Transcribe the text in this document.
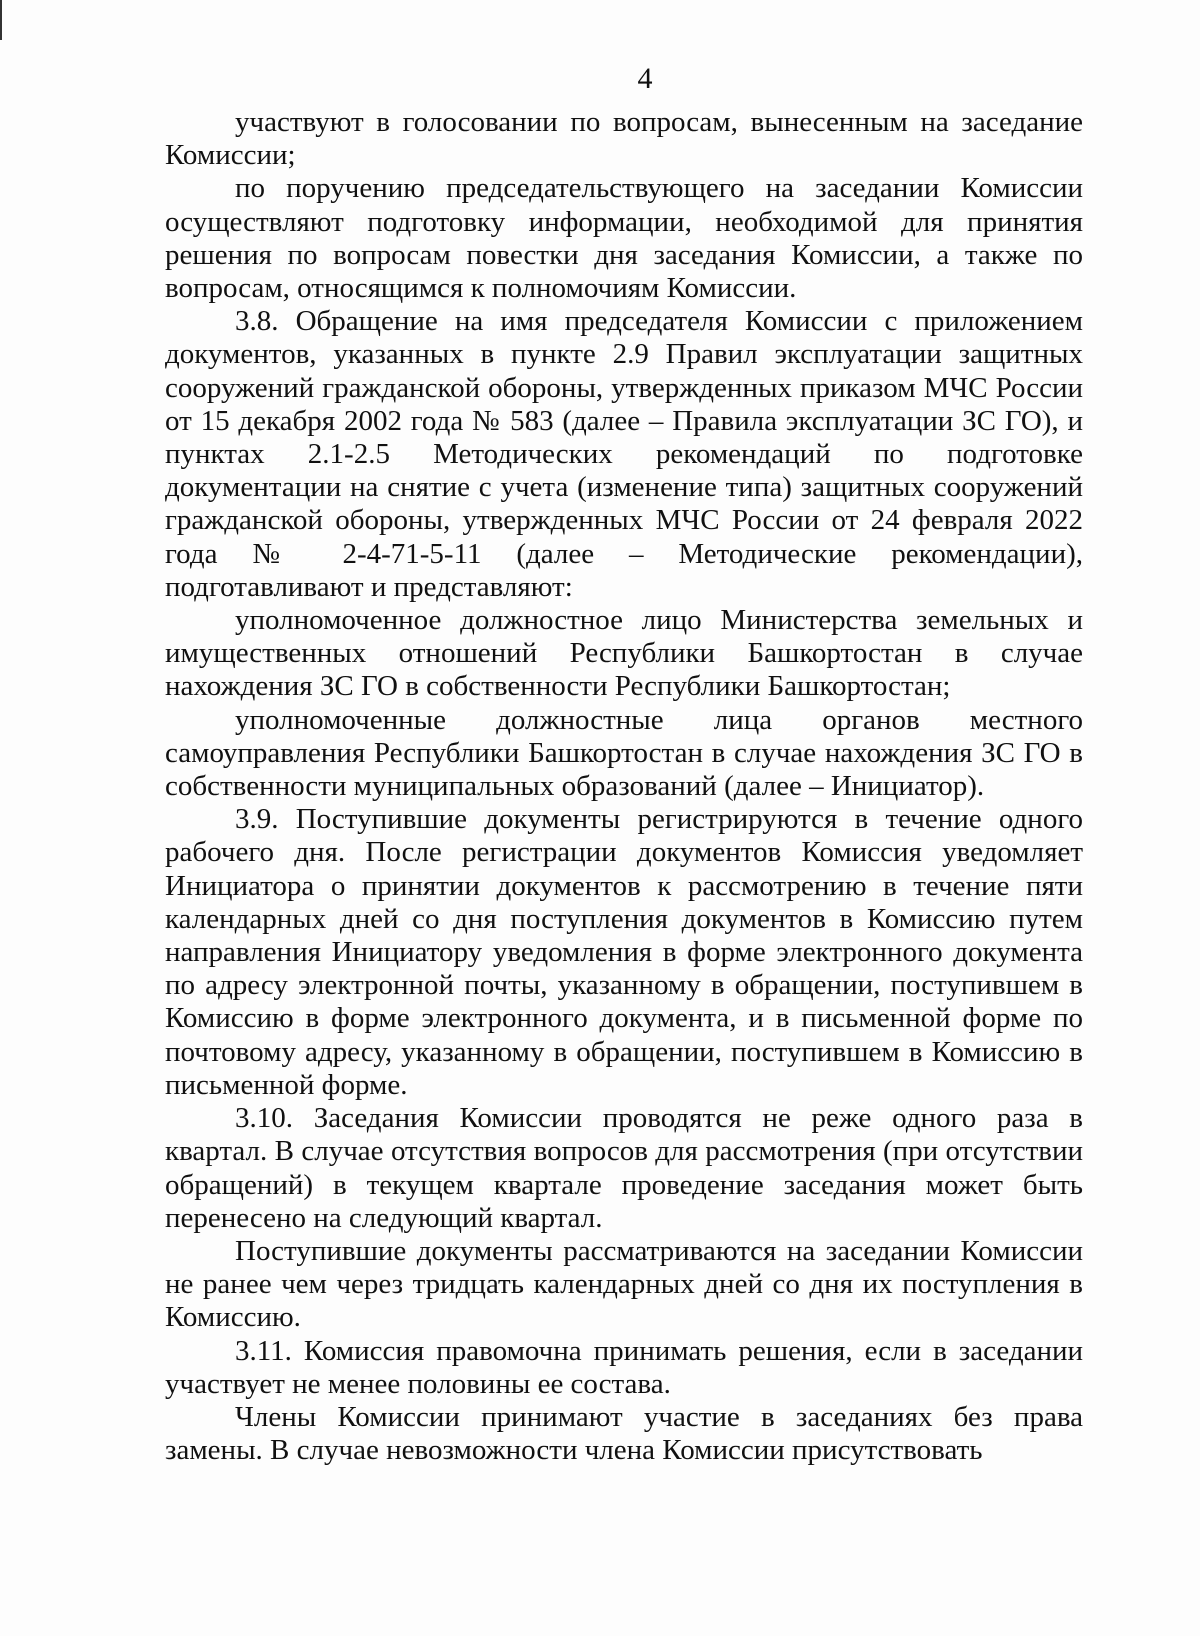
4

участвуют в голосовании по вопросам, вынесенным на заседание Комиссии;

по поручению председательствующего на заседании Комиссии осуществляют подготовку информации, необходимой для принятия решения по вопросам повестки дня заседания Комиссии, а также по вопросам, относящимся к полномочиям Комиссии.

3.8. Обращение на имя председателя Комиссии с приложением документов, указанных в пункте 2.9 Правил эксплуатации защитных сооружений гражданской обороны, утвержденных приказом МЧС России от 15 декабря 2002 года № 583 (далее – Правила эксплуатации ЗС ГО), и пунктах 2.1-2.5 Методических рекомендаций по подготовке документации на снятие с учета (изменение типа) защитных сооружений гражданской обороны, утвержденных МЧС России от 24 февраля 2022 года № 2-4-71-5-11 (далее – Методические рекомендации), подготавливают и представляют:

уполномоченное должностное лицо Министерства земельных и имущественных отношений Республики Башкортостан в случае нахождения ЗС ГО в собственности Республики Башкортостан;

уполномоченные должностные лица органов местного самоуправления Республики Башкортостан в случае нахождения ЗС ГО в собственности муниципальных образований (далее – Инициатор).

3.9. Поступившие документы регистрируются в течение одного рабочего дня. После регистрации документов Комиссия уведомляет Инициатора о принятии документов к рассмотрению в течение пяти календарных дней со дня поступления документов в Комиссию путем направления Инициатору уведомления в форме электронного документа по адресу электронной почты, указанному в обращении, поступившем в Комиссию в форме электронного документа, и в письменной форме по почтовому адресу, указанному в обращении, поступившем в Комиссию в письменной форме.

3.10. Заседания Комиссии проводятся не реже одного раза в квартал. В случае отсутствия вопросов для рассмотрения (при отсутствии обращений) в текущем квартале проведение заседания может быть перенесено на следующий квартал.

Поступившие документы рассматриваются на заседании Комиссии не ранее чем через тридцать календарных дней со дня их поступления в Комиссию.

3.11. Комиссия правомочна принимать решения, если в заседании участвует не менее половины ее состава.

Члены Комиссии принимают участие в заседаниях без права замены. В случае невозможности члена Комиссии присутствовать
